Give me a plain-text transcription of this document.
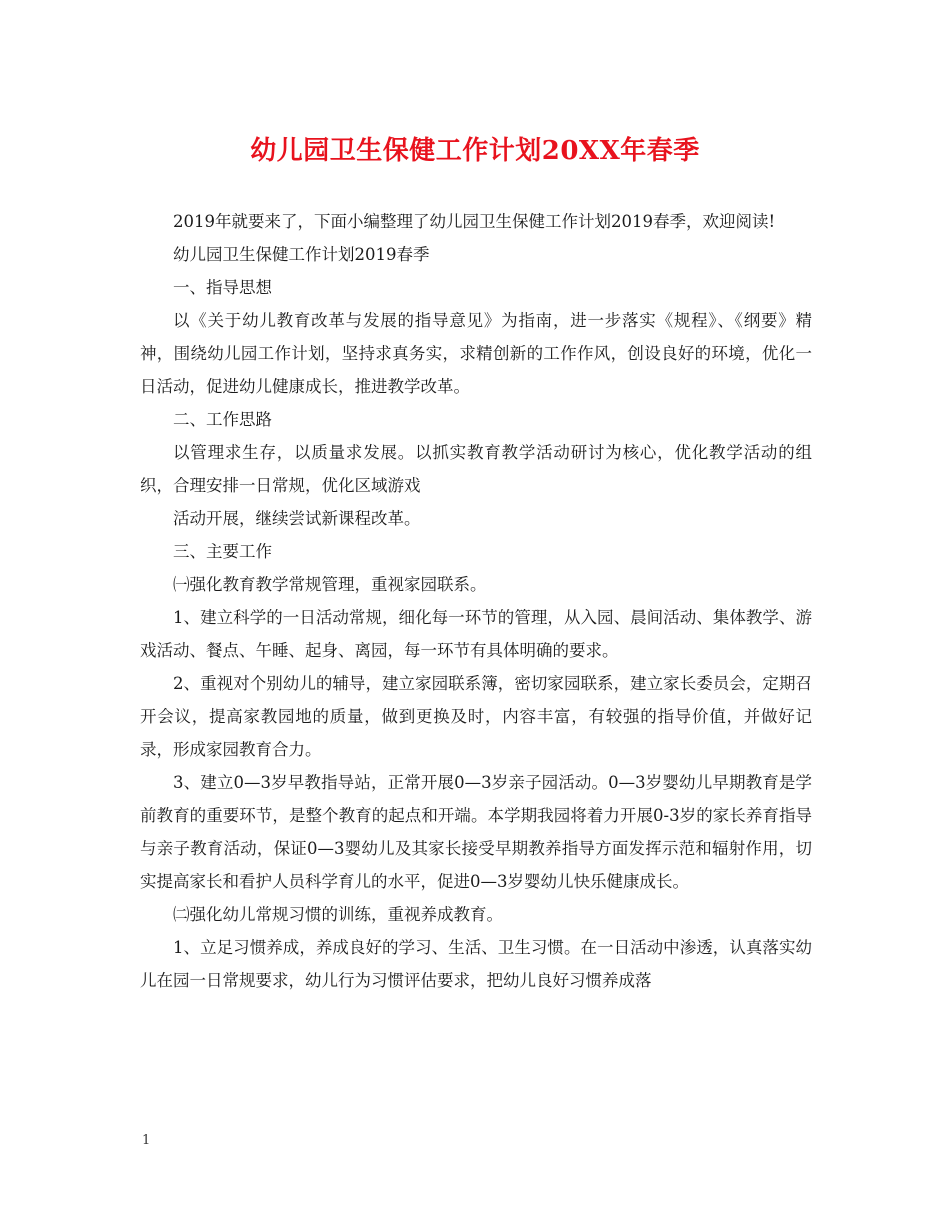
幼儿园卫生保健工作计划20XX年春季

2019年就要来了，下面小编整理了幼儿园卫生保健工作计划2019春季，欢迎阅读!

幼儿园卫生保健工作计划2019春季

一、指导思想

以《关于幼儿教育改革与发展的指导意见》为指南，进一步落实《规程》、《纲要》精神，围绕幼儿园工作计划，坚持求真务实，求精创新的工作作风，创设良好的环境，优化一日活动，促进幼儿健康成长，推进教学改革。

二、工作思路

以管理求生存，以质量求发展。以抓实教育教学活动研讨为核心，优化教学活动的组织，合理安排一日常规，优化区域游戏

活动开展，继续尝试新课程改革。

三、主要工作

㈠强化教育教学常规管理，重视家园联系。

1、建立科学的一日活动常规，细化每一环节的管理，从入园、晨间活动、集体教学、游戏活动、餐点、午睡、起身、离园，每一环节有具体明确的要求。

2、重视对个别幼儿的辅导，建立家园联系簿，密切家园联系，建立家长委员会，定期召开会议，提高家教园地的质量，做到更换及时，内容丰富，有较强的指导价值，并做好记录，形成家园教育合力。

3、建立0—3岁早教指导站，正常开展0—3岁亲子园活动。0—3岁婴幼儿早期教育是学前教育的重要环节，是整个教育的起点和开端。本学期我园将着力开展0-3岁的家长养育指导与亲子教育活动，保证0—3婴幼儿及其家长接受早期教养指导方面发挥示范和辐射作用，切实提高家长和看护人员科学育儿的水平，促进0—3岁婴幼儿快乐健康成长。

㈡强化幼儿常规习惯的训练，重视养成教育。

1、立足习惯养成，养成良好的学习、生活、卫生习惯。在一日活动中渗透，认真落实幼儿在园一日常规要求，幼儿行为习惯评估要求，把幼儿良好习惯养成落

1
